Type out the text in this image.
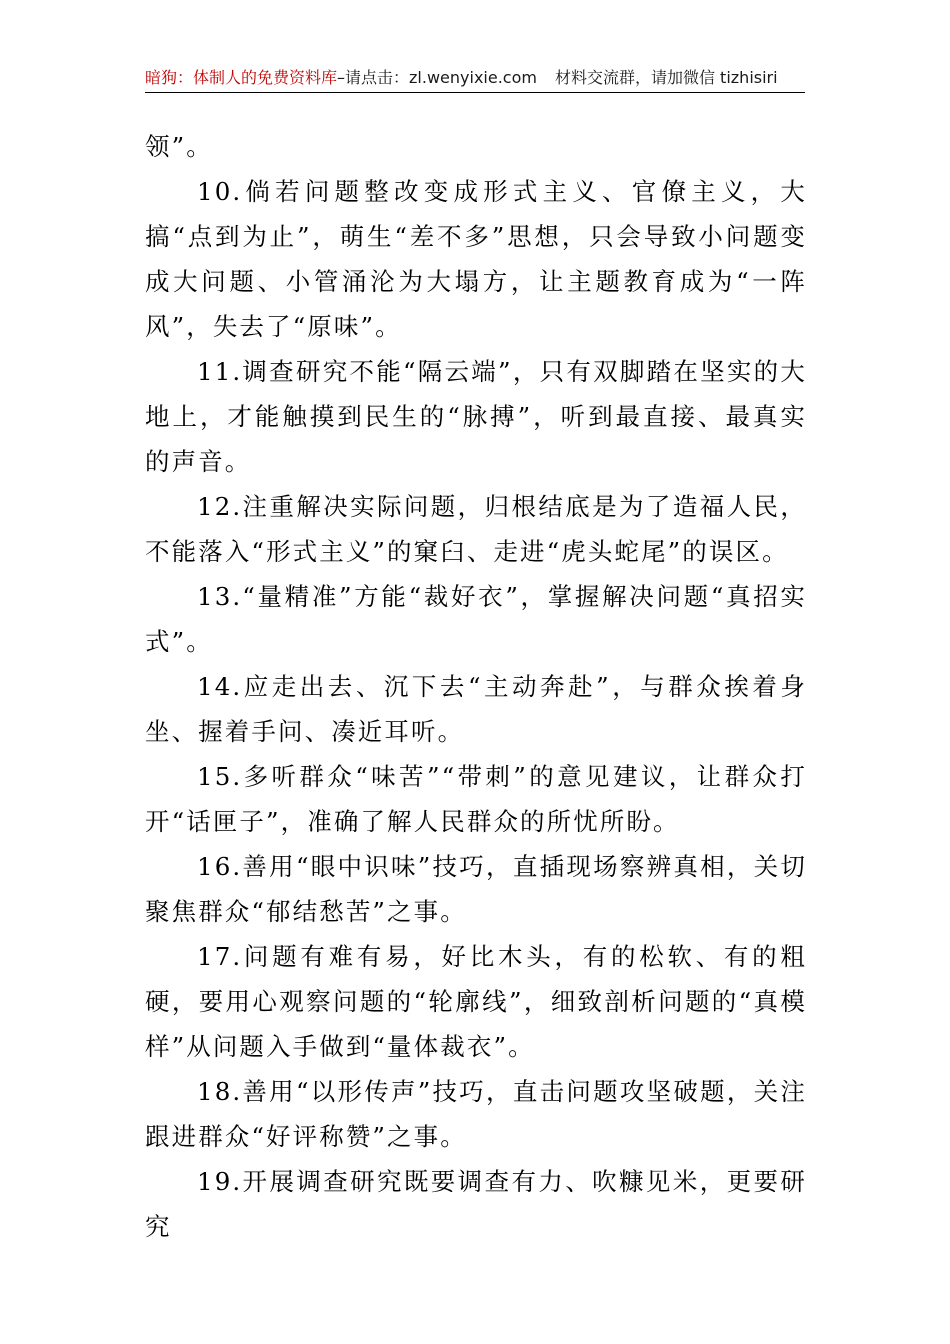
暗狗：体制人的免费资料库–请点击：zl.wenyixie.com 材料交流群，请加微信 tizhisiri

领”。

10.倘若问题整改变成形式主义、官僚主义，大搞“点到为止”，萌生“差不多”思想，只会导致小问题变成大问题、小管涌沦为大塌方，让主题教育成为“一阵风”，失去了“原味”。

11.调查研究不能“隔云端”，只有双脚踏在坚实的大地上，才能触摸到民生的“脉搏”，听到最直接、最真实的声音。

12.注重解决实际问题，归根结底是为了造福人民，不能落入“形式主义”的窠臼、走进“虎头蛇尾”的误区。

13.“量精准”方能“裁好衣”，掌握解决问题“真招实式”。

14.应走出去、沉下去“主动奔赴”，与群众挨着身坐、握着手问、凑近耳听。

15.多听群众“味苦”“带刺”的意见建议，让群众打开“话匣子”，准确了解人民群众的所忧所盼。

16.善用“眼中识味”技巧，直插现场察辨真相，关切聚焦群众“郁结愁苦”之事。

17.问题有难有易，好比木头，有的松软、有的粗硬，要用心观察问题的“轮廓线”，细致剖析问题的“真模样”从问题入手做到“量体裁衣”。

18.善用“以形传声”技巧，直击问题攻坚破题，关注跟进群众“好评称赞”之事。

19.开展调查研究既要调查有力、吹糠见米，更要研究
